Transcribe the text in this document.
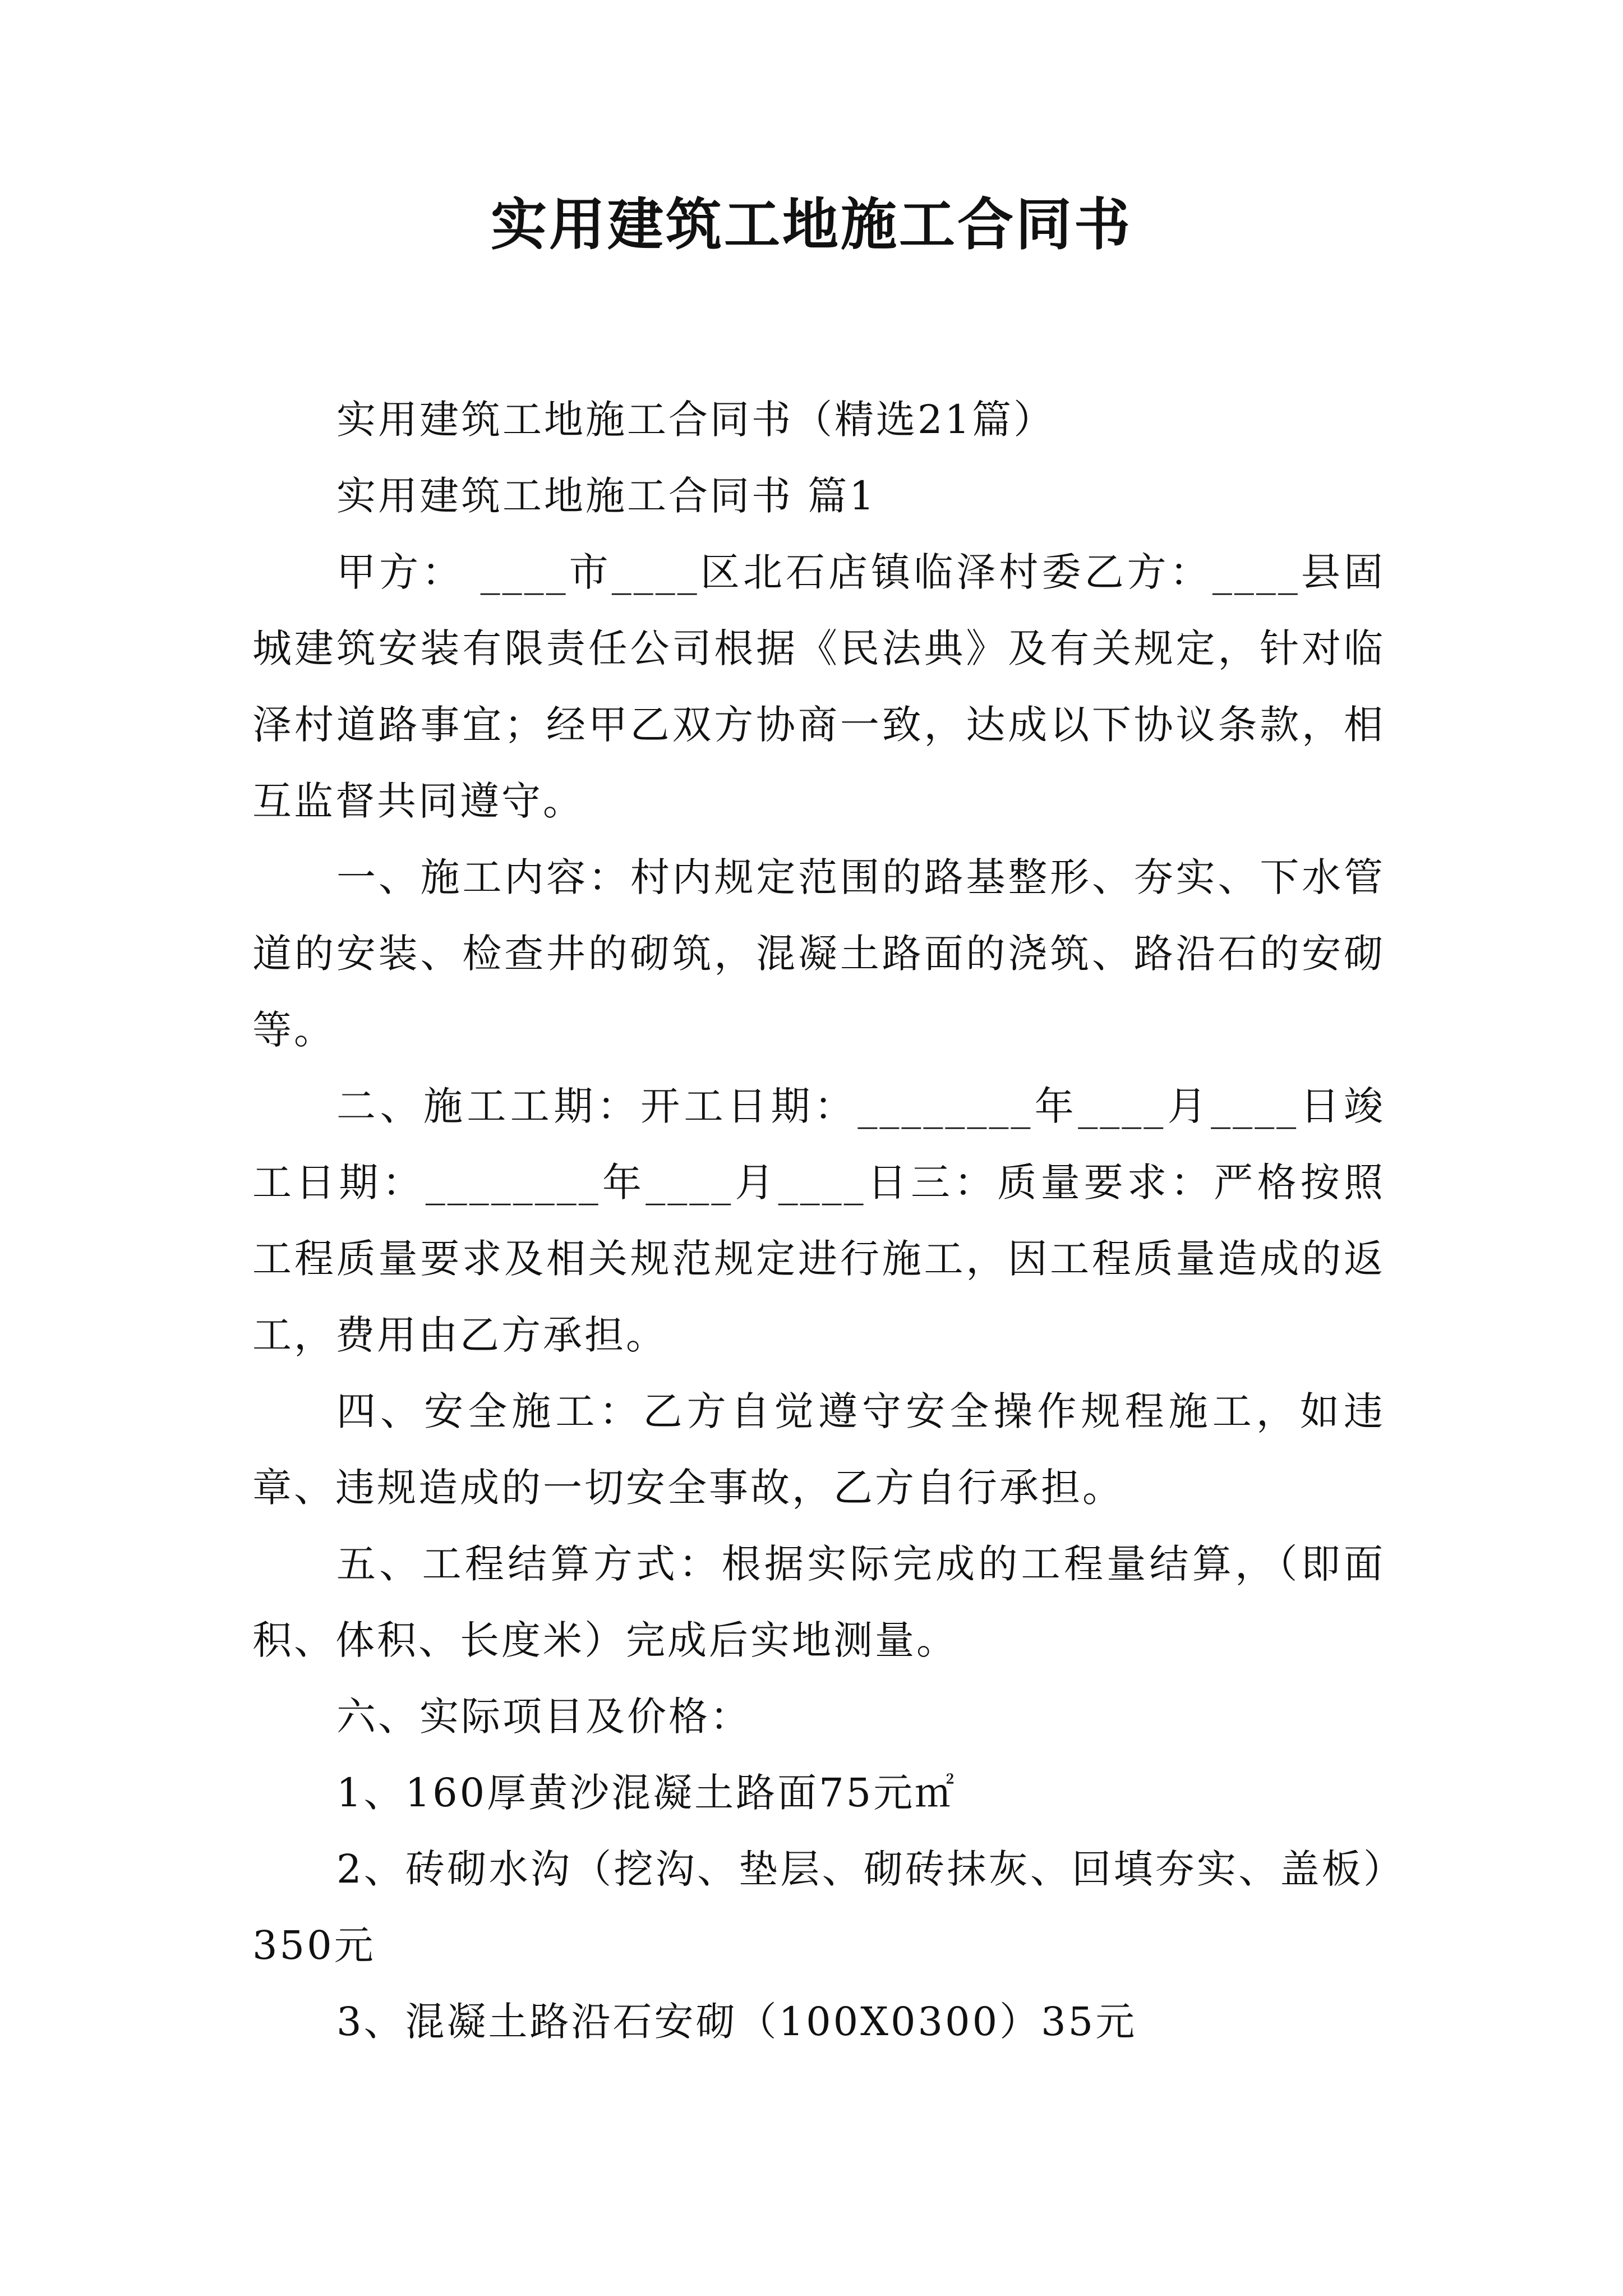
实用建筑工地施工合同书

实用建筑工地施工合同书（精选21篇）

实用建筑工地施工合同书 篇1

甲方： ____市____区北石店镇临泽村委乙方：____县固城建筑安装有限责任公司根据《民法典》及有关规定，针对临泽村道路事宜；经甲乙双方协商一致，达成以下协议条款，相互监督共同遵守。

一、施工内容：村内规定范围的路基整形、夯实、下水管道的安装、检查井的砌筑，混凝土路面的浇筑、路沿石的安砌等。

二、施工工期：开工日期：________年____月____日竣工日期：________年____月____日三：质量要求：严格按照工程质量要求及相关规范规定进行施工，因工程质量造成的返工，费用由乙方承担。

四、安全施工：乙方自觉遵守安全操作规程施工，如违章、违规造成的一切安全事故，乙方自行承担。

五、工程结算方式：根据实际完成的工程量结算，（即面积、体积、长度米）完成后实地测量。

六、实际项目及价格：

1、160厚黄沙混凝土路面75元㎡

2、砖砌水沟（挖沟、垫层、砌砖抹灰、回填夯实、盖板）350元

3、混凝土路沿石安砌（100X0300）35元
